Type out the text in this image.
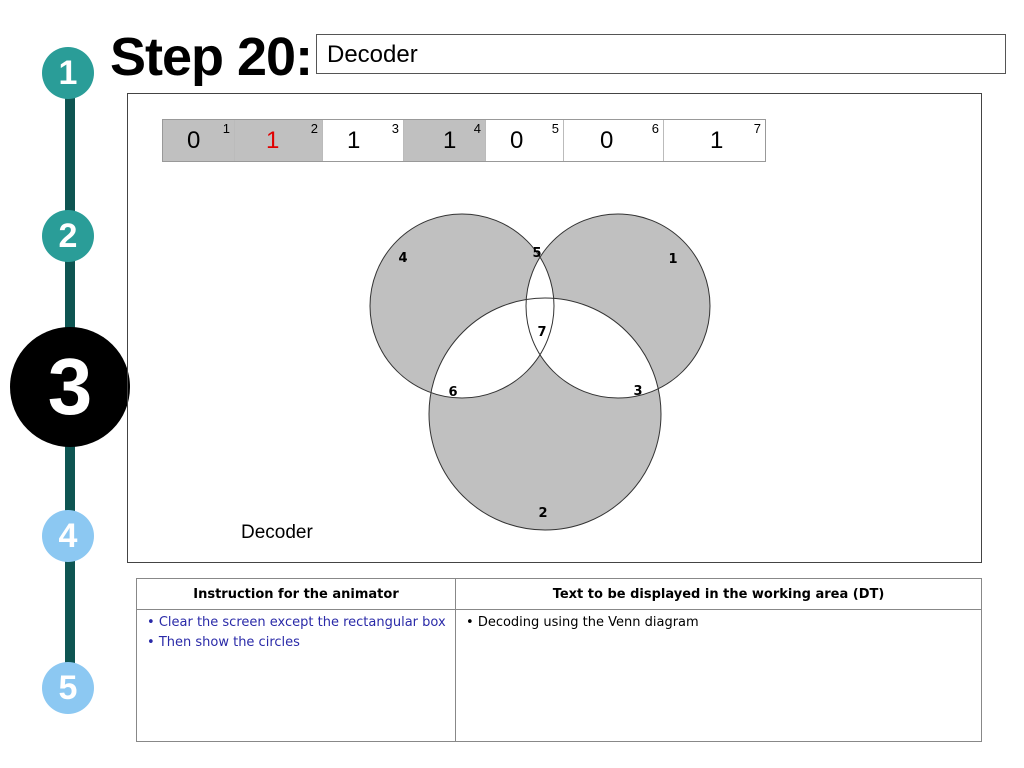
1
2
3
4
5
Step 20: Decoder
0 1 1 2 1 3 1 4 0 5 0	6 1 7
4	5	1
7
6	3
2
Decoder
Instruction for the animator	Text to be displayed in the working area (DT)

• Clear the screen except the rectangular box
• Then show the circles	• Decoding using the Venn diagram
